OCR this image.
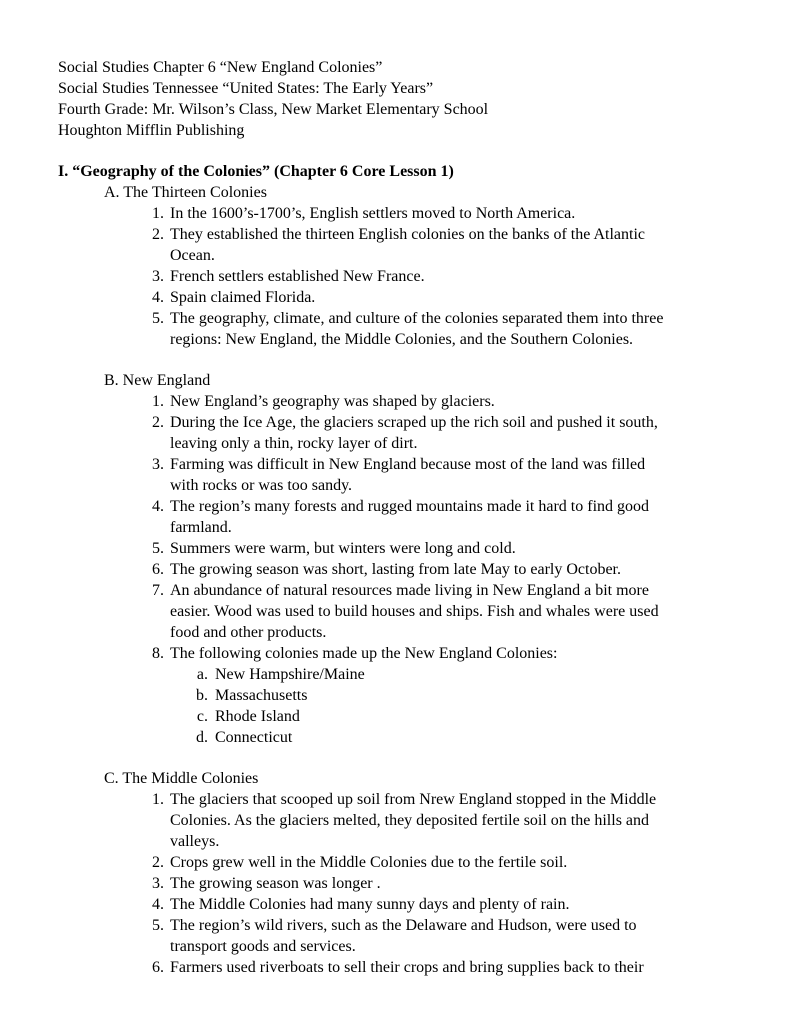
Social Studies Chapter 6 “New England Colonies”
Social Studies Tennessee “United States: The Early Years”
Fourth Grade: Mr. Wilson’s Class, New Market Elementary School
Houghton Mifflin Publishing
I. “Geography of the Colonies” (Chapter 6 Core Lesson 1)
A. The Thirteen Colonies
1. In the 1600’s-1700’s, English settlers moved to North America.
2. They established the thirteen English colonies on the banks of the Atlantic
Ocean.
3. French settlers established New France.
4. Spain claimed Florida.
5. The geography, climate, and culture of the colonies separated them into three
regions: New England, the Middle Colonies, and the Southern Colonies.
B. New England
1. New England’s geography was shaped by glaciers.
2. During the Ice Age, the glaciers scraped up the rich soil and pushed it south,
leaving only a thin, rocky layer of dirt.
3. Farming was difficult in New England because most of the land was filled
with rocks or was too sandy.
4. The region’s many forests and rugged mountains made it hard to find good
farmland.
5. Summers were warm, but winters were long and cold.
6. The growing season was short, lasting from late May to early October.
7. An abundance of natural resources made living in New England a bit more
easier. Wood was used to build houses and ships. Fish and whales were used
food and other products.
8. The following colonies made up the New England Colonies:
a. New Hampshire/Maine
b. Massachusetts
c. Rhode Island
d. Connecticut
C. The Middle Colonies
1. The glaciers that scooped up soil from Nrew England stopped in the Middle
Colonies. As the glaciers melted, they deposited fertile soil on the hills and
valleys.
2. Crops grew well in the Middle Colonies due to the fertile soil.
3. The growing season was longer .
4. The Middle Colonies had many sunny days and plenty of rain.
5. The region’s wild rivers, such as the Delaware and Hudson, were used to
transport goods and services.
6. Farmers used riverboats to sell their crops and bring supplies back to their
